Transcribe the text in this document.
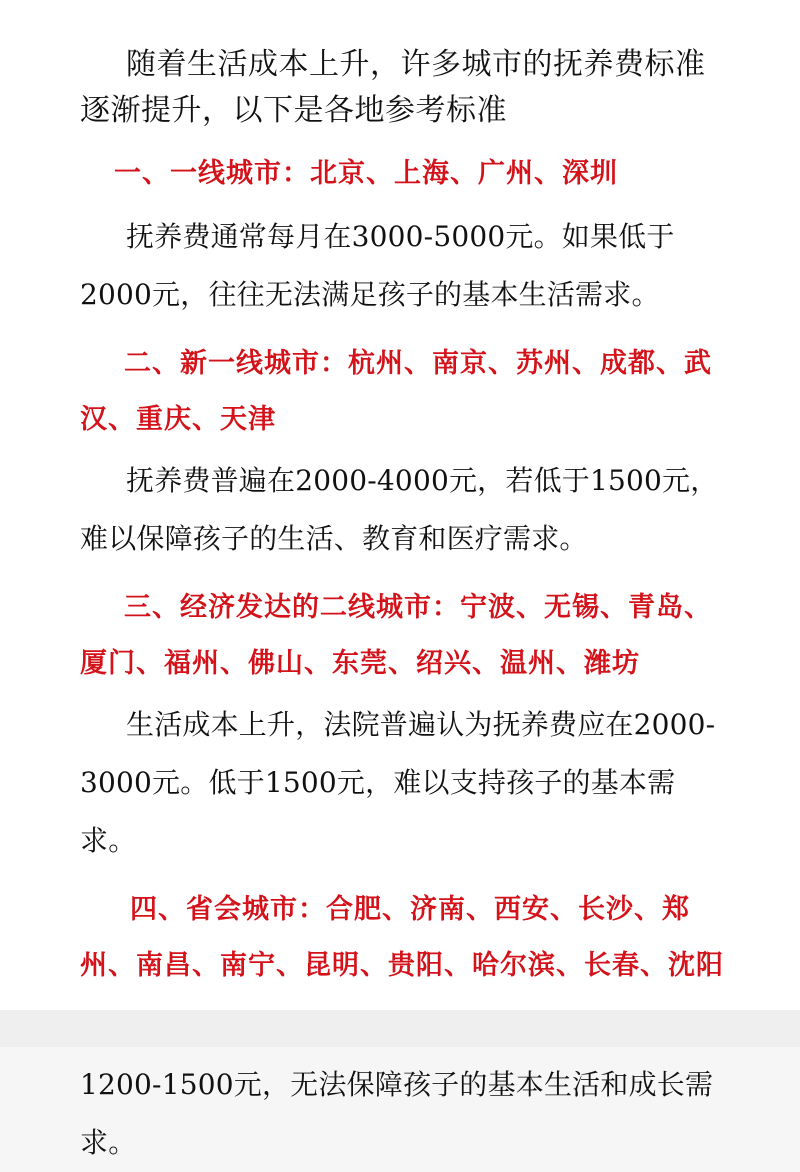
随着生活成本上升，许多城市的抚养费标准逐渐提升，以下是各地参考标准

一、一线城市：北京、上海、广州、深圳

抚养费通常每月在3000-5000元。如果低于2000元，往往无法满足孩子的基本生活需求。

二、新一线城市：杭州、南京、苏州、成都、武汉、重庆、天津

抚养费普遍在2000-4000元，若低于1500元，难以保障孩子的生活、教育和医疗需求。

三、经济发达的二线城市：宁波、无锡、青岛、厦门、福州、佛山、东莞、绍兴、温州、潍坊

生活成本上升，法院普遍认为抚养费应在2000-3000元。低于1500元，难以支持孩子的基本需求。

四、省会城市：合肥、济南、西安、长沙、郑州、南昌、南宁、昆明、贵阳、哈尔滨、长春、沈阳

1200-1500元，无法保障孩子的基本生活和成长需求。
